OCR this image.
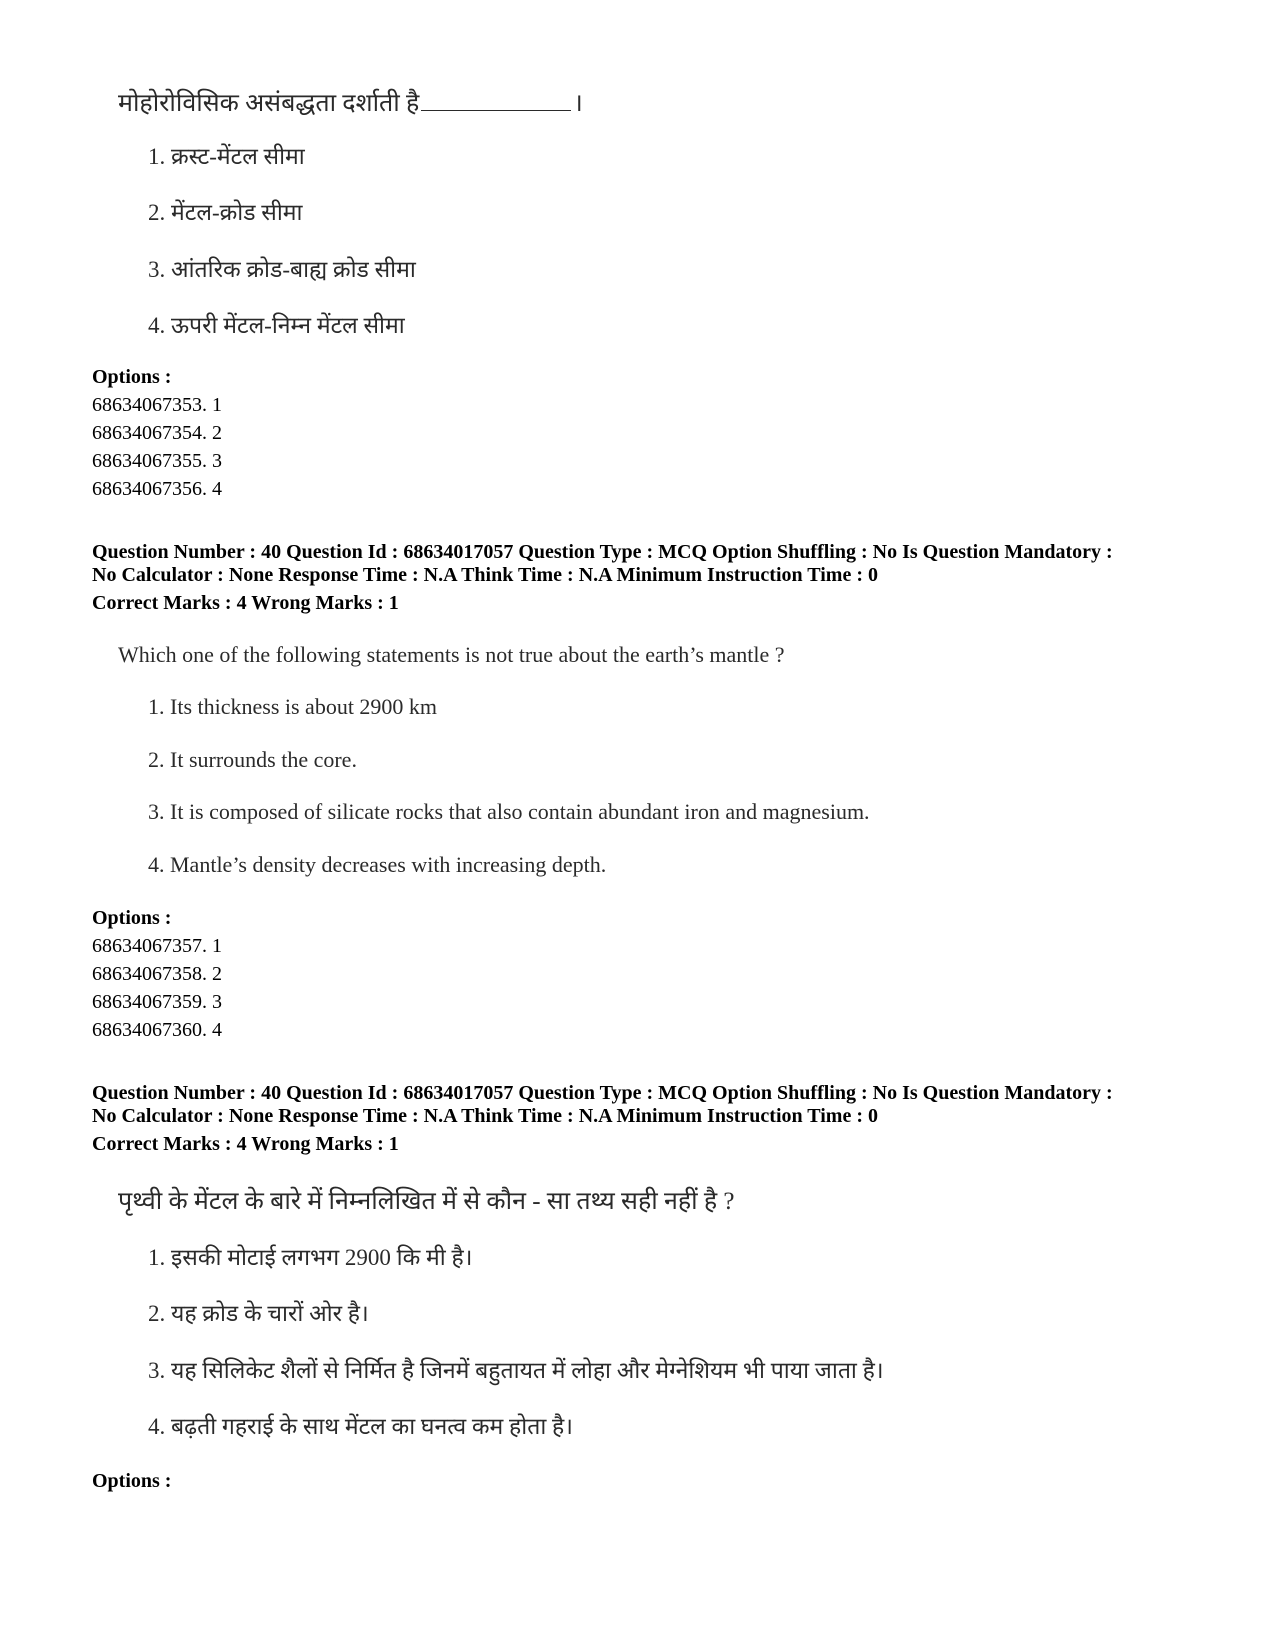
मोहोरोविसिक असंबद्धता दर्शाती है	।
1. क्रस्ट-मेंटल सीमा
2. मेंटल-क्रोड सीमा
3. आंतरिक क्रोड-बाह्य क्रोड सीमा
4. ऊपरी मेंटल-निम्न मेंटल सीमा
Options :
68634067353. 1
68634067354. 2
68634067355. 3
68634067356. 4
Question Number : 40 Question Id : 68634017057 Question Type : MCQ Option Shuffling : No Is Question Mandatory :
No Calculator : None Response Time : N.A Think Time : N.A Minimum Instruction Time : 0
Correct Marks : 4 Wrong Marks : 1
Which one of the following statements is not true about the earth’s mantle ?
1. Its thickness is about 2900 km
2. It surrounds the core.
3. It is composed of silicate rocks that also contain abundant iron and magnesium.
4. Mantle’s density decreases with increasing depth.
Options :
68634067357. 1
68634067358. 2
68634067359. 3
68634067360. 4
Question Number : 40 Question Id : 68634017057 Question Type : MCQ Option Shuffling : No Is Question Mandatory :
No Calculator : None Response Time : N.A Think Time : N.A Minimum Instruction Time : 0
Correct Marks : 4 Wrong Marks : 1
पृथ्वी के मेंटल के बारे में निम्नलिखित में से कौन - सा तथ्य सही नहीं है ?
1. इसकी मोटाई लगभग 2900 कि मी है।
2. यह क्रोड के चारों ओर है।
3. यह सिलिकेट शैलों से निर्मित है जिनमें बहुतायत में लोहा और मेग्नेशियम भी पाया जाता है।
4. बढ़ती गहराई के साथ मेंटल का घनत्व कम होता है।
Options :
